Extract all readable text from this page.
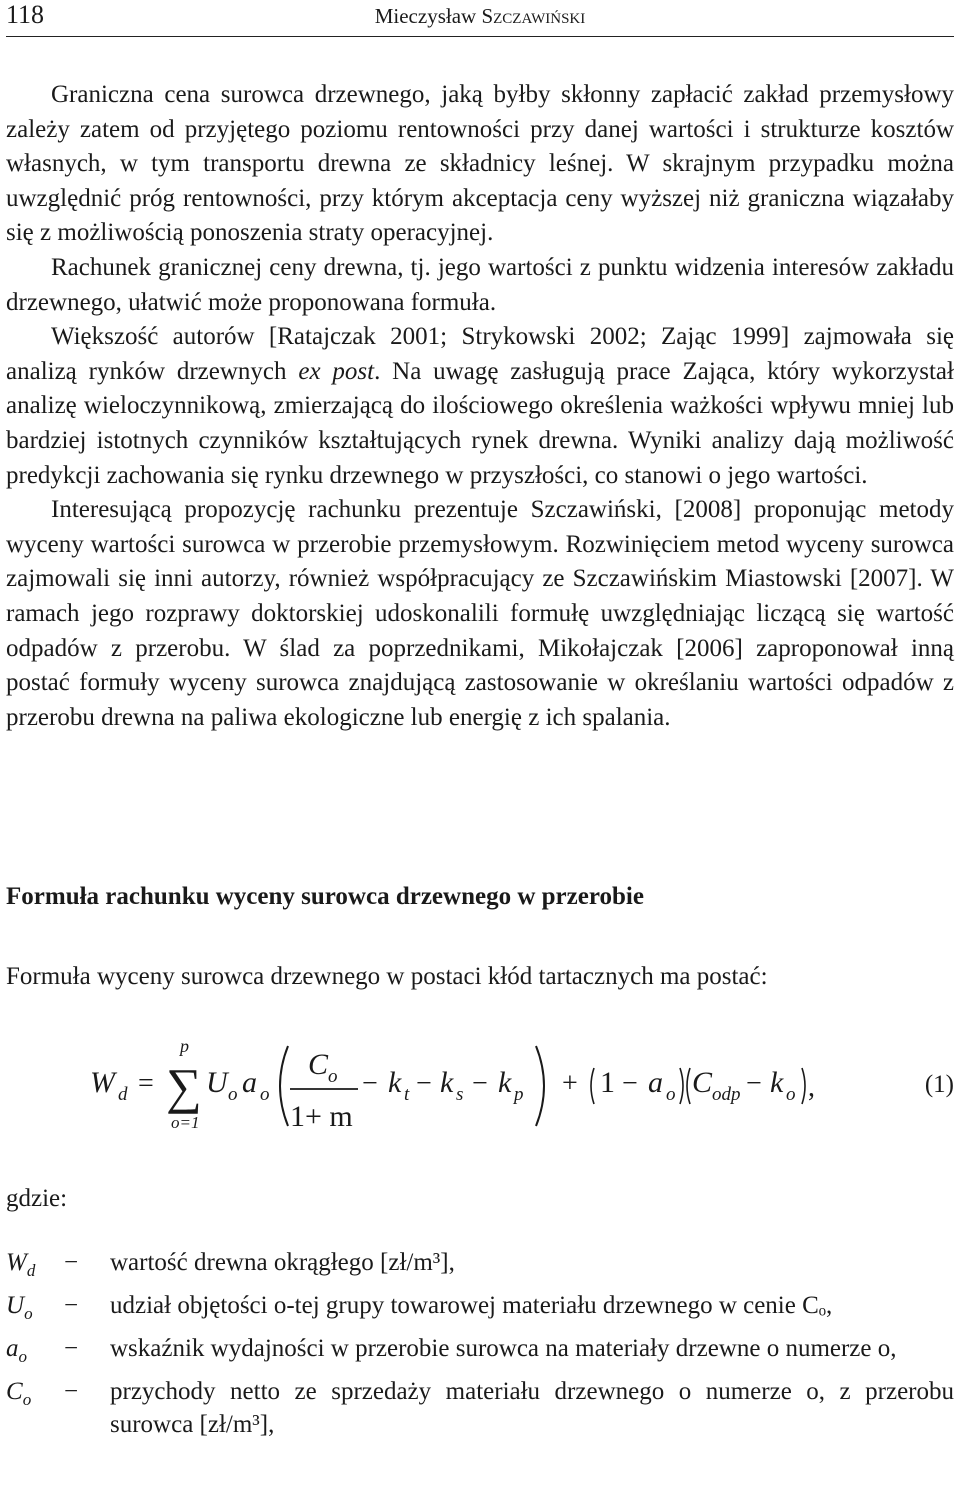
118	Mieczysław Szczawiński

Graniczna cena surowca drzewnego, jaką byłby skłonny zapłacić zakład przemysłowy zależy zatem od przyjętego poziomu rentowności przy danej wartości i strukturze kosztów własnych, w tym transportu drewna ze składnicy leśnej. W skrajnym przypadku można uwzględnić próg rentowności, przy którym akceptacja ceny wyższej niż graniczna wiązałaby się z możliwością ponoszenia straty operacyjnej.

Rachunek granicznej ceny drewna, tj. jego wartości z punktu widzenia interesów zakładu drzewnego, ułatwić może proponowana formuła.

Większość autorów [Ratajczak 2001; Strykowski 2002; Zając 1999] zajmowała się analizą rynków drzewnych ex post. Na uwagę zasługują prace Zająca, który wykorzystał analizę wieloczynnikową, zmierzającą do ilościowego określenia ważkości wpływu mniej lub bardziej istotnych czynników kształtujących rynek drewna. Wyniki analizy dają możliwość predykcji zachowania się rynku drzewnego w przyszłości, co stanowi o jego wartości.

Interesującą propozycję rachunku prezentuje Szczawiński, [2008] proponując metody wyceny wartości surowca w przerobie przemysłowym. Rozwinięciem metod wyceny surowca zajmowali się inni autorzy, również współpracujący ze Szczawińskim Miastowski [2007]. W ramach jego rozprawy doktorskiej udoskonalili formułę uwzględniając liczącą się wartość odpadów z przerobu. W ślad za poprzednikami, Mikołajczak [2006] zaproponował inną postać formuły wyceny surowca znajdującą zastosowanie w określaniu wartości odpadów z przerobu drewna na paliwa ekologiczne lub energię z ich spalania.

Formuła rachunku wyceny surowca drzewnego w przerobie

Formuła wyceny surowca drzewnego w postaci kłód tartacznych ma postać:

W d = ∑
p
o=1
U o a o
C o
1+ m
− k t − k s − k p + 1 − a o C odp − k o ,	(1)

gdzie:

$W_d$	−	wartość drewna okrągłego [zł/m³],
$U_o$	−	udział objętości o-tej grupy towarowej materiału drzewnego w cenie Cₒ,
$a_o$	−	wskaźnik wydajności w przerobie surowca na materiały drzewne o numerze o,
$C_o$	−	przychody netto ze sprzedaży materiału drzewnego o numerze o, z przerobu surowca [zł/m³],
